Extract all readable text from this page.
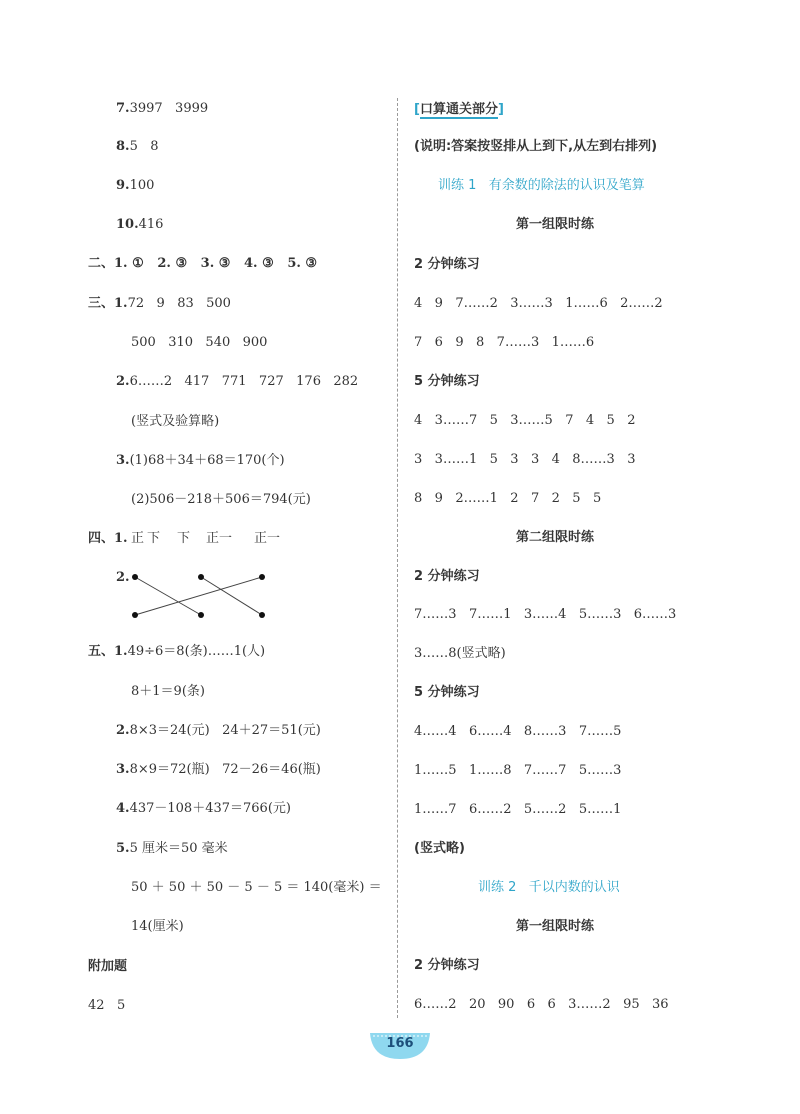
7.3997   3999
8.5   8
9.100
10.416
二、1. ①   2. ③   3. ③   4. ③   5. ③
三、1.72   9   83   500
500   310   540   900
2.6……2   417   771   727   176   282
(竖式及验算略)
3.(1)68＋34＋68＝170(个)
(2)506－218＋506＝794(元)
四、1. 正 下 下 正一 正一
2.
五、1.49÷6＝8(条)……1(人)
8＋1＝9(条)
2.8×3＝24(元)   24＋27＝51(元)
3.8×9＝72(瓶)   72－26＝46(瓶)
4.437－108＋437＝766(元)
5.5 厘米＝50 毫米
50 ＋ 50 ＋ 50 － 5 － 5 ＝ 140(毫米) ＝
14(厘米)
附加题
42   5
[口算通关部分]
(说明:答案按竖排从上到下,从左到右排列)
训练 1   有余数的除法的认识及笔算
第一组限时练
2 分钟练习
4   9   7……2   3……3   1……6   2……2
7   6   9   8   7……3   1……6
5 分钟练习
4   3……7   5   3……5   7   4   5   2
3   3……1   5   3   3   4   8……3   3
8   9   2……1   2   7   2   5   5
第二组限时练
2 分钟练习
7……3   7……1   3……4   5……3   6……3
3……8(竖式略)
5 分钟练习
4……4   6……4   8……3   7……5
1……5   1……8   7……7   5……3
1……7   6……2   5……2   5……1
(竖式略)
训练 2   千以内数的认识
第一组限时练
2 分钟练习
6……2   20   90   6   6   3……2   95   36
166
